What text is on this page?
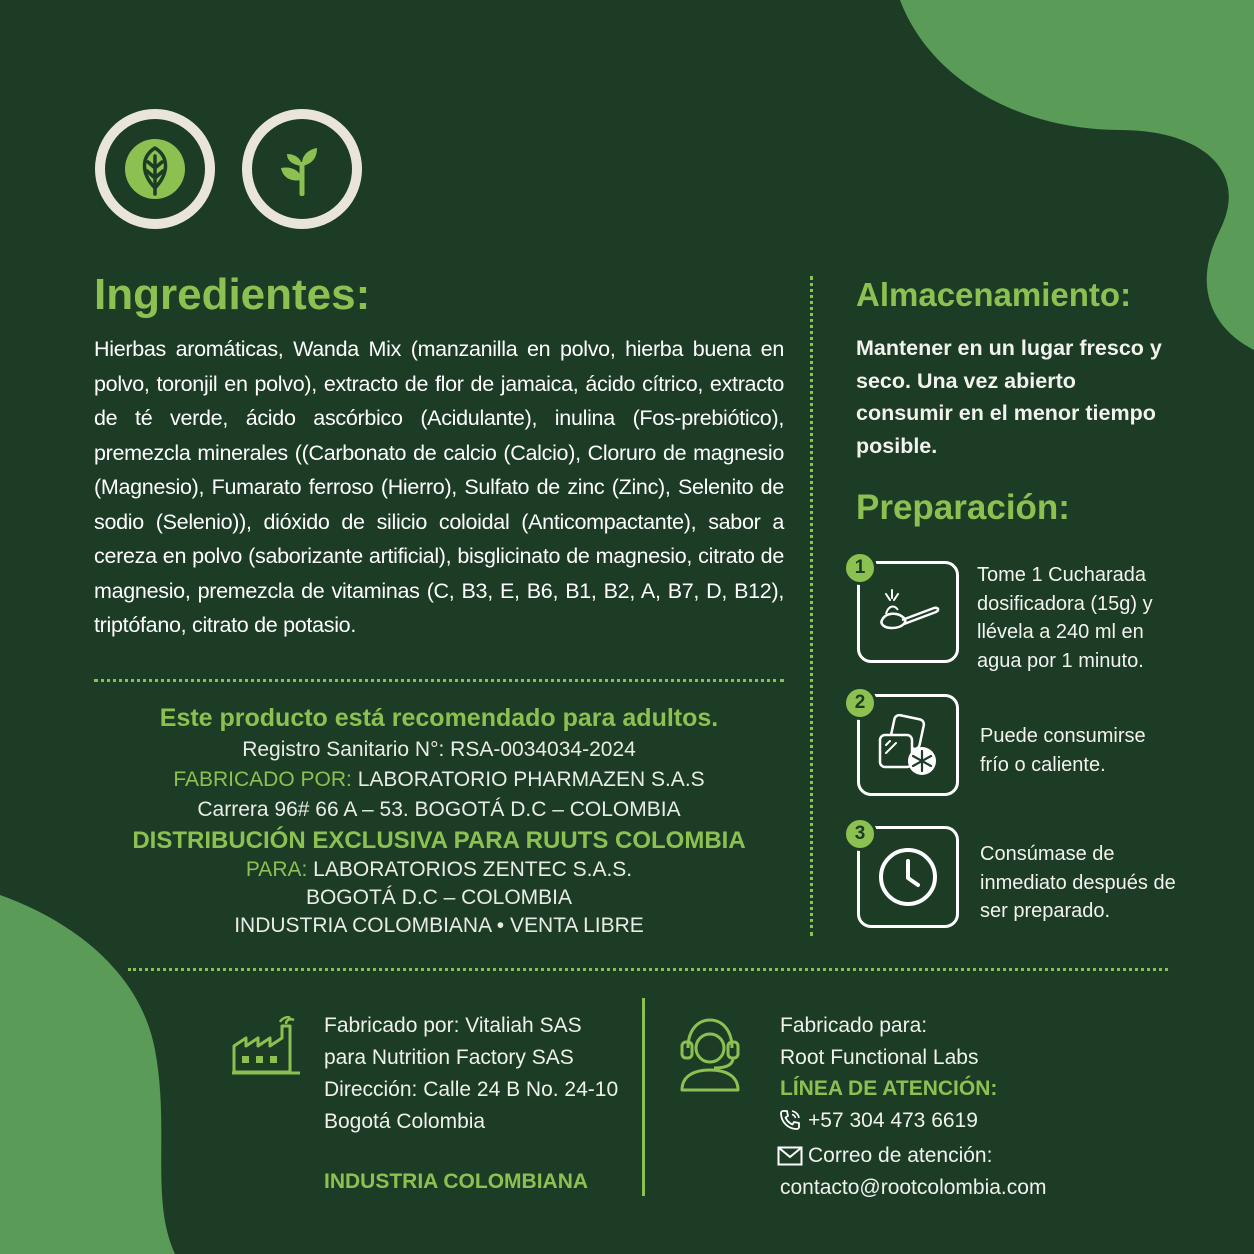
Ingredientes:
Hierbas aromáticas, Wanda Mix (manzanilla en polvo, hierba buena en polvo, toronjil en polvo), extracto de flor de jamaica, ácido cítrico, extracto de té verde, ácido ascórbico (Acidulante), inulina (Fos-prebiótico), premezcla minerales ((Carbonato de calcio (Calcio), Cloruro de magnesio (Magnesio), Fumarato ferroso (Hierro), Sulfato de zinc (Zinc), Selenito de sodio (Selenio)), dióxido de silicio coloidal (Anticompactante), sabor a cereza en polvo (saborizante artificial), bisglicinato de magnesio, citrato de magnesio, premezcla de vitaminas (C, B3, E, B6, B1, B2, A, B7, D, B12), triptófano, citrato de potasio.
Este producto está recomendado para adultos.
Registro Sanitario N°: RSA-0034034-2024
FABRICADO POR: LABORATORIO PHARMAZEN S.A.S
Carrera 96# 66 A – 53. BOGOTÁ D.C – COLOMBIA
DISTRIBUCIÓN EXCLUSIVA PARA RUUTS COLOMBIA
PARA: LABORATORIOS ZENTEC S.A.S.
BOGOTÁ D.C – COLOMBIA
INDUSTRIA COLOMBIANA • VENTA LIBRE
Almacenamiento:
Mantener en un lugar fresco y seco. Una vez abierto consumir en el menor tiempo posible.
Preparación:
1	Tome 1 Cucharada dosificadora (15g) y llévela a 240 ml en agua por 1 minuto.
2
Puede consumirse frío o caliente.
3
Consúmase de inmediato después de ser preparado.
Fabricado por: Vitaliah SAS
para Nutrition Factory SAS
Dirección: Calle 24 B No. 24-10
Bogotá Colombia
INDUSTRIA COLOMBIANA
Fabricado para:
Root Functional Labs
LÍNEA DE ATENCIÓN:
+57 304 473 6619
Correo de atención:
contacto@rootcolombia.com
